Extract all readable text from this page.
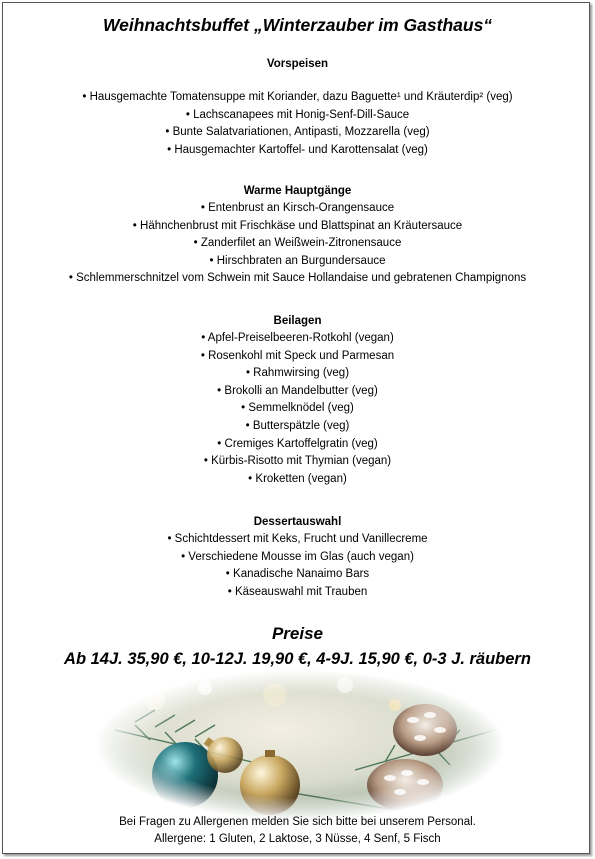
Weihnachtsbuffet „Winterzauber im Gasthaus“
Vorspeisen
• Hausgemachte Tomatensuppe mit Koriander, dazu Baguette¹ und Kräuterdip² (veg)
• Lachscanapees mit Honig-Senf-Dill-Sauce
• Bunte Salatvariationen, Antipasti, Mozzarella (veg)
• Hausgemachter Kartoffel- und Karottensalat (veg)
Warme Hauptgänge
• Entenbrust an Kirsch-Orangensauce
• Hähnchenbrust mit Frischkäse und Blattspinat an Kräutersauce
• Zanderfilet an Weißwein-Zitronensauce
• Hirschbraten an Burgundersauce
• Schlemmerschnitzel vom Schwein mit Sauce Hollandaise und gebratenen Champignons
Beilagen
• Apfel-Preiselbeeren-Rotkohl (vegan)
• Rosenkohl mit Speck und Parmesan
• Rahmwirsing (veg)
• Brokolli an Mandelbutter (veg)
• Semmelknödel (veg)
• Butterspätzle (veg)
• Cremiges Kartoffelgratin (veg)
• Kürbis-Risotto mit Thymian (vegan)
• Kroketten (vegan)
Dessertauswahl
• Schichtdessert mit Keks, Frucht und Vanillecreme
• Verschiedene Mousse im Glas (auch vegan)
• Kanadische Nanaimo Bars
• Käseauswahl mit Trauben
Preise
Ab 14J. 35,90 €, 10-12J. 19,90 €, 4-9J. 15,90 €, 0-3 J. räubern
Bei Fragen zu Allergenen melden Sie sich bitte bei unserem Personal.
Allergene: 1 Gluten, 2 Laktose, 3 Nüsse, 4 Senf, 5 Fisch
